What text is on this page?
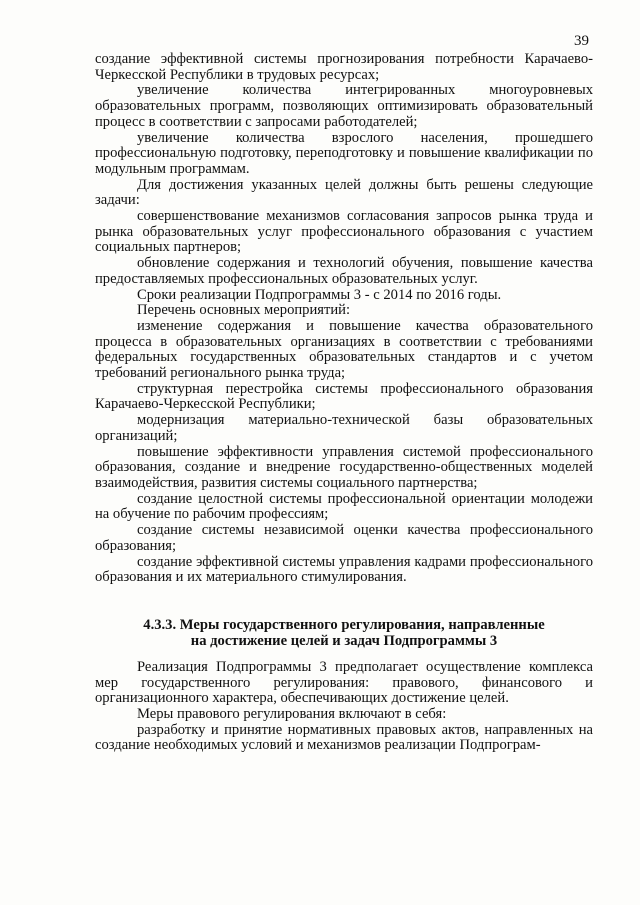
39

создание эффективной системы прогнозирования потребности Карачаево-Черкесской Республики в трудовых ресурсах;

увеличение количества интегрированных многоуровневых образовательных программ, позволяющих оптимизировать образовательный процесс в соответствии с запросами работодателей;

увеличение количества взрослого населения, прошедшего профессиональную подготовку, переподготовку и повышение квалификации по модульным программам.

Для достижения указанных целей должны быть решены следующие задачи:

совершенствование механизмов согласования запросов рынка труда и рынка образовательных услуг профессионального образования с участием социальных партнеров;

обновление содержания и технологий обучения, повышение качества предоставляемых профессиональных образовательных услуг.

Сроки реализации Подпрограммы 3 - с 2014 по 2016 годы.

Перечень основных мероприятий:

изменение содержания и повышение качества образовательного процесса в образовательных организациях в соответствии с требованиями федеральных государственных образовательных стандартов и с учетом требований регионального рынка труда;

структурная перестройка системы профессионального образования Карачаево-Черкесской Республики;

модернизация материально-технической базы образовательных организаций;

повышение эффективности управления системой профессионального образования, создание и внедрение государственно-общественных моделей взаимодействия, развития системы социального партнерства;

создание целостной системы профессиональной ориентации молодежи на обучение по рабочим профессиям;

создание системы независимой оценки качества профессионального образования;

создание эффективной системы управления кадрами профессионального образования и их материального стимулирования.

4.3.3. Меры государственного регулирования, направленные
на достижение целей и задач Подпрограммы 3

Реализация Подпрограммы 3 предполагает осуществление комплекса мер государственного регулирования: правового, финансового и организационного характера, обеспечивающих достижение целей.

Меры правового регулирования включают в себя:

разработку и принятие нормативных правовых актов, направленных на создание необходимых условий и механизмов реализации Подпрограм-
